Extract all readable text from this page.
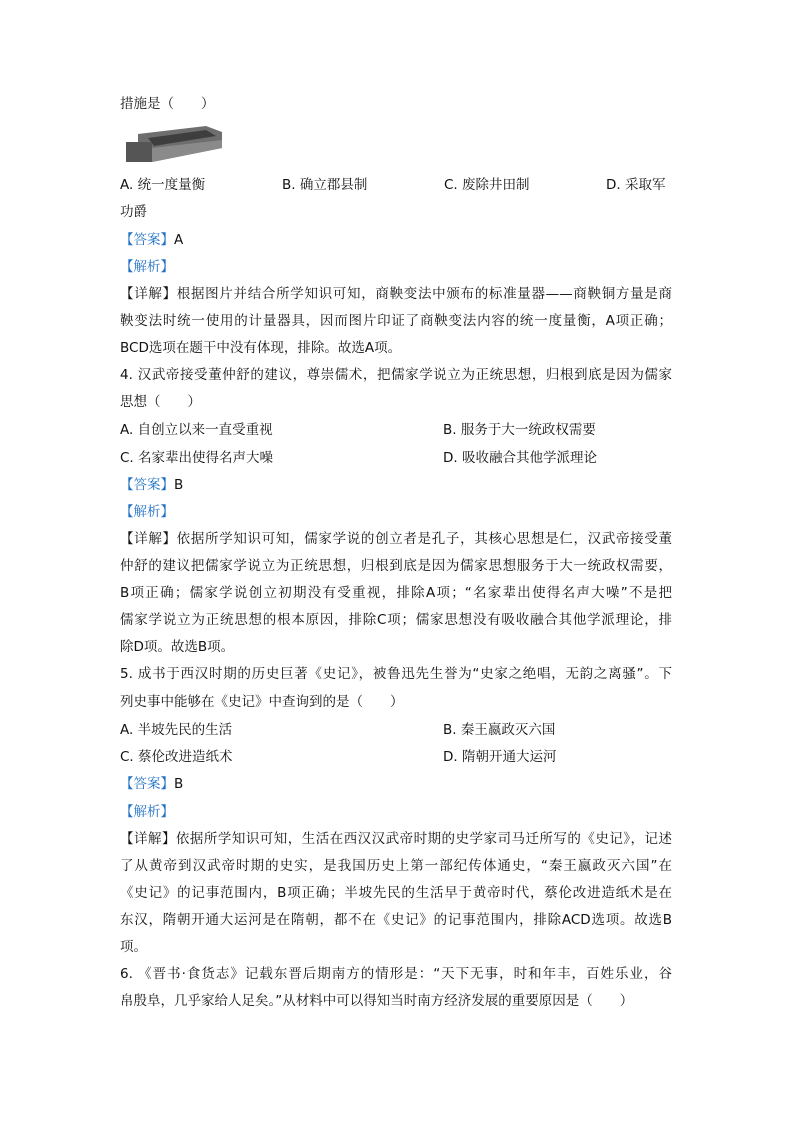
措施是（　　）
A. 统一度量衡	B. 确立郡县制	C. 废除井田制	D. 采取军
功爵
【答案】A
【解析】
【详解】根据图片并结合所学知识可知，商鞅变法中颁布的标准量器——商鞅铜方量是商
鞅变法时统一使用的计量器具，因而图片印证了商鞅变法内容的统一度量衡，A项正确；
BCD选项在题干中没有体现，排除。故选A项。
4. 汉武帝接受董仲舒的建议，尊崇儒术，把儒家学说立为正统思想，归根到底是因为儒家
思想（　　）
A. 自创立以来一直受重视	B. 服务于大一统政权需要
C. 名家辈出使得名声大噪	D. 吸收融合其他学派理论
【答案】B
【解析】
【详解】依据所学知识可知，儒家学说的创立者是孔子，其核心思想是仁，汉武帝接受董
仲舒的建议把儒家学说立为正统思想，归根到底是因为儒家思想服务于大一统政权需要，
B项正确；儒家学说创立初期没有受重视，排除A项；“名家辈出使得名声大噪”不是把
儒家学说立为正统思想的根本原因，排除C项；儒家思想没有吸收融合其他学派理论，排
除D项。故选B项。
5. 成书于西汉时期的历史巨著《史记》，被鲁迅先生誉为“史家之绝唱，无韵之离骚”。下
列史事中能够在《史记》中查询到的是（　　）
A. 半坡先民的生活	B. 秦王嬴政灭六国
C. 蔡伦改进造纸术	D. 隋朝开通大运河
【答案】B
【解析】
【详解】依据所学知识可知，生活在西汉汉武帝时期的史学家司马迁所写的《史记》，记述
了从黄帝到汉武帝时期的史实，是我国历史上第一部纪传体通史，“秦王嬴政灭六国”在
《史记》的记事范围内，B项正确；半坡先民的生活早于黄帝时代，蔡伦改进造纸术是在
东汉，隋朝开通大运河是在隋朝，都不在《史记》的记事范围内，排除ACD选项。故选B
项。
6. 《晋书·食货志》记载东晋后期南方的情形是：“天下无事，时和年丰，百姓乐业，谷
帛殷阜，几乎家给人足矣。”从材料中可以得知当时南方经济发展的重要原因是（　　）
